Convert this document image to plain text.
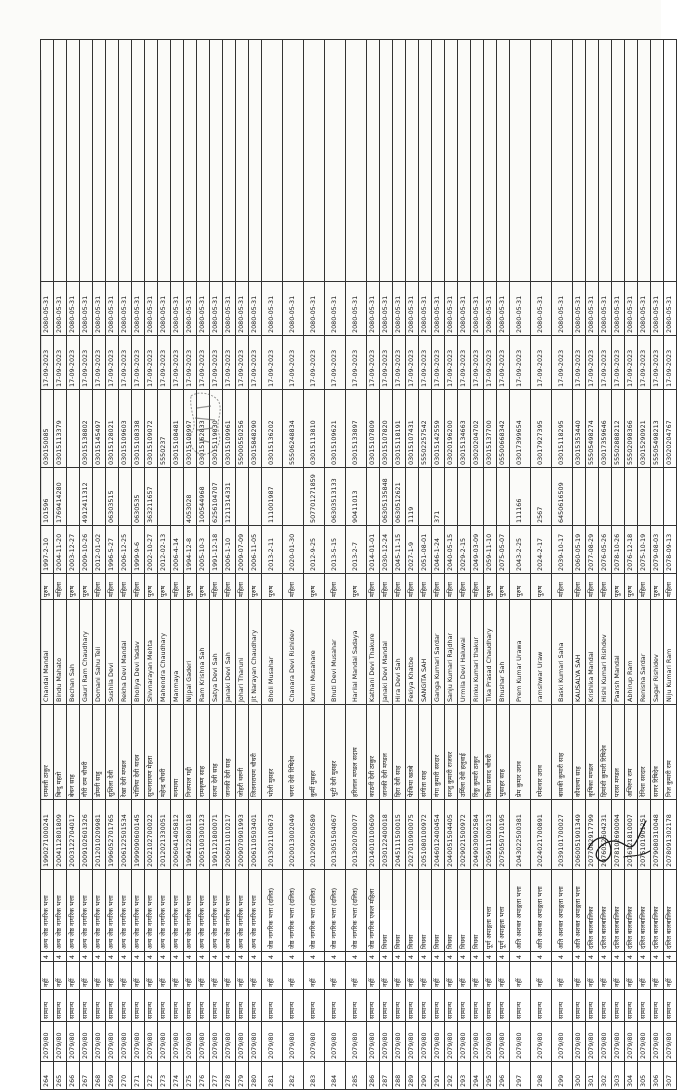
264	2079/80	सामान्य	नहीं	4	अन्य जेष्ठ नागरिक भत्ता	1990271000241	रामवती ठाकुर	Chandal Mandal	पुरुष	1997-2-10	101596	030150085	17-09-2023	2080-05-31	
265	2079/80	सामान्य	नहीं	4	अन्य जेष्ठ नागरिक भत्ता	2004112801809	बिन्दु महतो	Bindu Mahato	महिला	2004-11-20	1769414280	03015113379	17-09-2023	2080-05-31	
266	2079/80	सामान्य	नहीं	4	अन्य जेष्ठ नागरिक भत्ता	2003122704017	बेचन साह	Bechan Sah	पुरुष	2003-12-27			17-09-2023	2080-05-31	
267	2079/80	सामान्य	नहीं	4	अन्य जेष्ठ नागरिक भत्ता	2009102601326	गौरी राम चौधरी	Gauri Ram Chaudhary	पुरुष	2009-10-26	4912411312	03015138802	17-09-2023	2080-05-31	
268	2079/80	सामान्य	नहीं	4	अन्य जेष्ठ नागरिक भत्ता	2012010209981	डोमनी साहु	Domani Sahu Teli	महिला	2012-01-02		03015145497	17-09-2023	2080-05-31	
269	2079/80	सामान्य	नहीं	4	अन्य जेष्ठ नागरिक भत्ता	1996052701765	सुशिला देवी	Sushila Devi	महिला	1996-5-27	06303515	03015128021	17-09-2023	2080-05-31	
270	2079/80	सामान्य	नहीं	4	अन्य जेष्ठ नागरिक भत्ता	2006122501534	रेखा देवी मण्डल	Rekha Devi Mandal	महिला	2006-12-25		03015109603	17-09-2023	2080-05-31	
271	2079/80	सामान्य	नहीं	4	अन्य जेष्ठ नागरिक भत्ता	1999090600145	भोलिया देवी यादव	Bholiya Devi Yadav	महिला	1999-9-6	0630535	03015108338	17-09-2023	2080-05-31	
272	2079/80	सामान्य	नहीं	4	अन्य जेष्ठ नागरिक भत्ता	2002102700022	सुभनारायण मेहता	Shivnarayan Mehta	पुरुष	2002-10-27	363211657	03015109072	17-09-2023	2080-05-31	
273	2079/80	सामान्य	नहीं	4	अन्य जेष्ठ नागरिक भत्ता	2012021330051	महेन्द्र चौधरी	Mahendra Chaudhary	पुरुष	2012-02-13		5550237	17-09-2023	2080-05-31	
274	2079/80	सामान्य	नहीं	4	अन्य जेष्ठ नागरिक भत्ता	2006041405812	मनमाया	Manmaya	महिला	2006-4-14		03015108481	17-09-2023	2080-05-31	
275	2079/80	सामान्य	नहीं	4	अन्य जेष्ठ नागरिक भत्ता	1994122800118	निजपाल गद्दी	Nijpal Gaderi	पुरुष	1994-12-8	4053028	03015108997	17-09-2023	2080-05-31	
276	2079/80	सामान्य	नहीं	4	अन्य जेष्ठ नागरिक भत्ता	2005100300123	रामकृष्ण साह	Ram Krishna Sah	पुरुष	2005-10-3	100544968	03015162833	17-09-2023	2080-05-31	
277	2079/80	सामान्य	नहीं	4	अन्य जेष्ठ नागरिक भत्ता	1991121800071	सत्या देवी साह	Satya Devi Sah	महिला	1991-12-18	6256104707	03015119830	17-09-2023	2080-05-31	
278	2079/80	सामान्य	नहीं	4	अन्य जेष्ठ नागरिक भत्ता	2006011010217	जानकी देवी साह	Janaki Devi Sah	महिला	2006-1-10	1211314331	03015109961	17-09-2023	2080-05-31	
279	2079/80	सामान्य	नहीं	4	अन्य जेष्ठ नागरिक भत्ता	2009070901993	जोहरी थरुनी	Johari Tharuni	महिला	2009-07-09		55000550256	17-09-2023	2080-05-31	
280	2079/80	सामान्य	नहीं	4	अन्य जेष्ठ नागरिक भत्ता	2006110503401	जितनारायण चौधरी	Jit Narayan Chaudhary	पुरुष	2006-11-05		03015848290	17-09-2023	2080-05-31	
281	2079/80	सामान्य	नहीं	4	जेष्ठ नागरिक भत्ता (दलित)	2013021100673	भोली मुसहर	Bholi Musahar	पुरुष	2013-2-11	111001987	03015136202	17-09-2023	2080-05-31	
282	2079/80	सामान्य	नहीं	4	जेष्ठ नागरिक भत्ता (दलित)	2020013002049	चनरा देवी रिषिदेव	Chanara Devi Rishidev	महिला	2020-01-30		55506248834	17-09-2023	2080-05-31	
283	2079/80	सामान्य	नहीं	4	जेष्ठ नागरिक भत्ता (दलित)	2012092500589	कुर्मी मुसहर	Kurmi Musahare	पुरुष	2012-9-25	507701271859	03015113810	17-09-2023	2080-05-31	
284	2079/80	सामान्य	नहीं	4	जेष्ठ नागरिक भत्ता (दलित)	2013051504067	भुटी देवी मुसहर	Bhuti Devi Musahar	महिला	2013-5-15	06303513133	03015109621	17-09-2023	2080-05-31	
285	2079/80	सामान्य	नहीं	4	जेष्ठ नागरिक भत्ता (दलित)	2013020700077	हरिलाल मण्डल सदाय	Harilal Mandal Sadaya	पुरुष	2013-2-7	90411013	03015133897	17-09-2023	2080-05-31	
286	2079/80	सामान्य	नहीं	4	जेष्ठ नागरिक एकल महिला	2014010100609	काठनी देवी ठाकुर	Kathani Devi Thakure	महिला	2014-01-01		03015107809	17-09-2023	2080-05-31	
287	2079/80	सामान्य	नहीं	4	विधवा	2030122400018	जानकी देवी मण्डल	Janaki Devi Mandal	महिला	2030-12-24	06305135848	03015107820	17-09-2023	2080-05-31	
288	2079/80	सामान्य	नहीं	4	विधवा	2045111500015	हिरा देवी साह	Hira Devi Sah	महिला	2045-11-15	0630512621	03015118191	17-09-2023	2080-05-31	
289	2079/80	सामान्य	नहीं	4	विधवा	2027010900075	फेकिया खतबे	Fekiya Khatbe	महिला	2027-1-9	1119	03015107431	17-09-2023	2080-05-31	
290	2079/80	सामान्य	नहीं	4	विधवा	2051080100972	संगीता साह	SANGITA SAH	महिला	2051-08-01		55502257542	17-09-2023	2080-05-31	
291	2079/80	सामान्य	नहीं	4	विधवा	2046012400454	गंगा कुमारी सरदार	Ganga Kumari Sardar	महिला	2046-1-24	371	03015142559	17-09-2023	2080-05-31	
292	2079/80	सामान्य	नहीं	4	विधवा	2040051504405	सन्जु कुमारी राजधर	Sanju Kumari Rajdhar	महिला	2040-05-15		03020196200	17-09-2023	2080-05-31	
293	2079/80	सामान्य	नहीं	4	विधवा	2029021500972	उर्मिला देवी हलुवाई	Urmila Devi Haluwai	महिला	2029-2-15		03015134663	17-09-2023	2080-05-31	
294	2079/80	सामान्य	नहीं	4	विधवा	2049030902584	रिंकु कुमारी ठाकुर	Rinku Kumari thakur	महिला	2049-03-09		03020204702	17-09-2023	2080-05-31	
295	2079/80	सामान्य	नहीं	4	पूर्ण अपाङ्गता भत्ता	2059111000213	तिका प्रसाद चौधरी	Tika Prasad Chaudhary	पुरुष	2059-11-10		03015137700	17-09-2023	2080-05-31	
296	2079/80	सामान्य	नहीं	4	पूर्ण अपाङ्गता भत्ता	2075050710195	भुसाहर साह	Bhushar Sah	पुरुष	2075-05-07		05500668342	17-09-2023	2080-05-31	
297	2079/80	सामान्य	नहीं	4	अति अशक्त अपाङ्गता भत्ता	2043022500381	प्रेम कुमार उराव	Prem Kumar Urawa	पुरुष	2043-2-25	111166	03017399654	17-09-2023	2080-05-31	
298	2079/80	सामान्य	नहीं	4	अति अशक्त अपाङ्गता भत्ता	2024021700891	रमेशवार उराव	ramshwar Uraw	पुरुष	2024-2-17	2567	03017927395	17-09-2023	2080-05-31	
299	2079/80	सामान्य	नहीं	4	अति अशक्त अपाङ्गता भत्ता	2039101700027	बासकी कुमारी साह	Baski Kumari Saha	महिला	2039-10-17	6450616509	03015118295	17-09-2023	2080-05-31	
300	2079/80	सामान्य	नहीं	4	अति अशक्त अपाङ्गता भत्ता	2060051901349	कौशल्या साह	KAUSALYA SAH	महिला	2060-05-19		03015353440	17-09-2023	2080-05-31	
301	2079/80	सामान्य	नहीं	4	दलित बालबालिका	2077082917799	कृषिका मण्डल	Krishika Mandal	महिला	2077-08-29		55505498274	17-09-2023	2080-05-31	
302	2079/80	सामान्य	नहीं	4	दलित बालबालिका	2076052604231	हिमांशी कुमारी रिषिदेव	Hishi Kumari Rishdev	महिला	2076-05-26		03017359646	17-09-2023	2080-05-31	
303	2079/80	सामान्य	नहीं	4	दलित बालबालिका	2078102690094	परास मण्डल	Paarsh Mandal	पुरुष	2078-10-26		55502888212	17-09-2023	2080-05-31	
304	2079/80	सामान्य	नहीं	4	दलित बालबालिका	2076121810007	अभिरुप राम	Abhirup Ram	पुरुष	2076-12-18		55502098366	17-09-2023	2080-05-31	
305	2079/80	सामान्य	नहीं	4	दलित बालबालिका	2075101901251	रेनिशा सरदार	Renisha Sardar	महिला	2075-10-19		03015290921	17-09-2023	2080-05-31	
306	2079/80	सामान्य	नहीं	4	दलित बालबालिका	2079080310048	सागर रिषिदेव	Sagar Rishidev	पुरुष	2079-08-03		55505498213	17-09-2023	2080-05-31	
307	2079/80	सामान्य	नहीं	4	दलित बालबालिका	2078091302178	निज कुमारी राम	Niju Kumari Ram	महिला	2078-09-13		03020204767	17-09-2023	2080-05-31	
